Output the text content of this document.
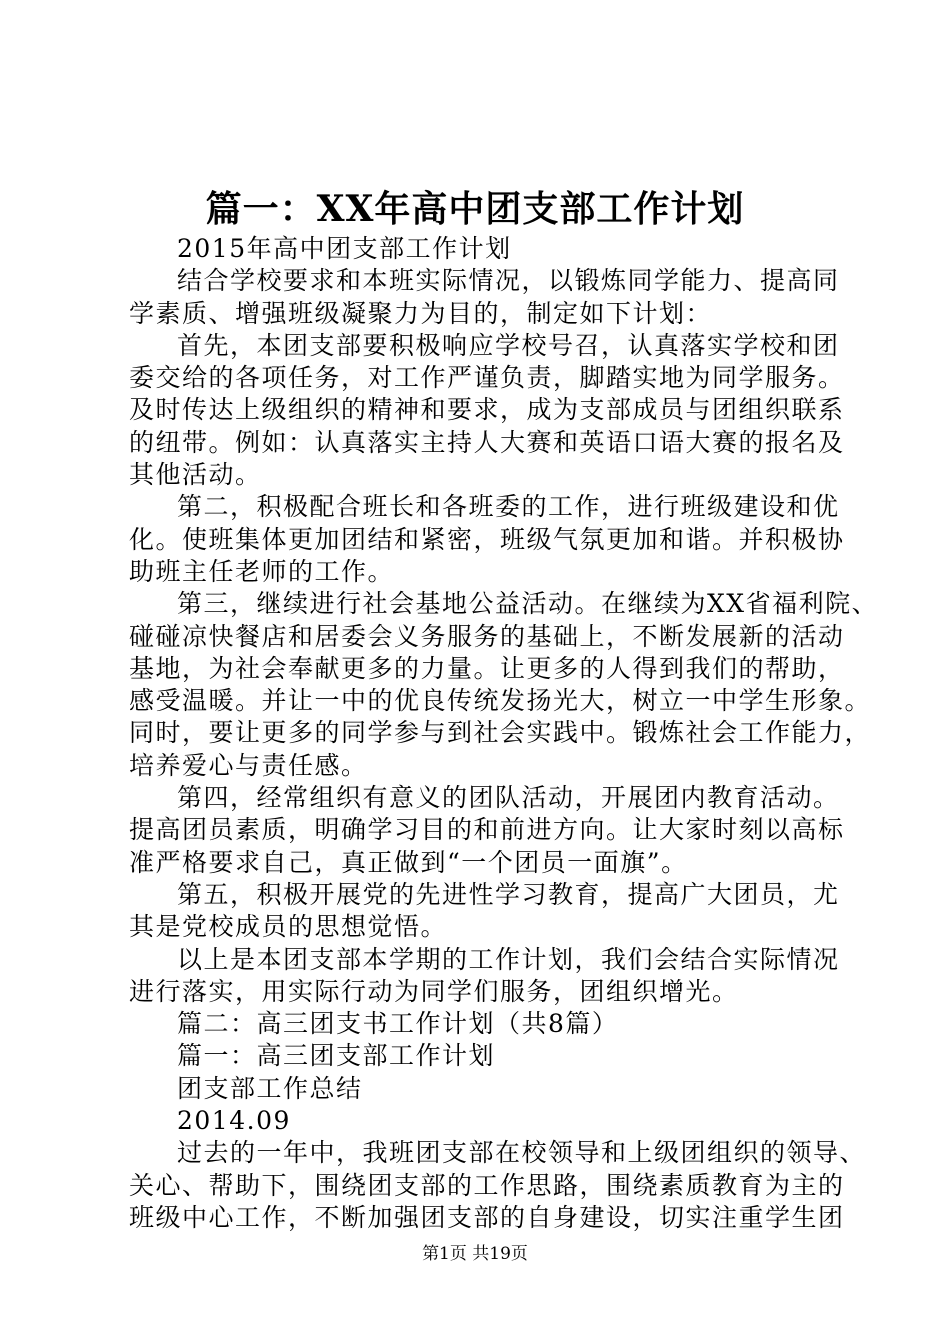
篇一：XX年高中团支部工作计划
2015年高中团支部工作计划
结合学校要求和本班实际情况，以锻炼同学能力、提高同
学素质、增强班级凝聚力为目的，制定如下计划：
首先，本团支部要积极响应学校号召，认真落实学校和团
委交给的各项任务，对工作严谨负责，脚踏实地为同学服务。
及时传达上级组织的精神和要求，成为支部成员与团组织联系
的纽带。例如：认真落实主持人大赛和英语口语大赛的报名及
其他活动。
第二，积极配合班长和各班委的工作，进行班级建设和优
化。使班集体更加团结和紧密，班级气氛更加和谐。并积极协
助班主任老师的工作。
第三，继续进行社会基地公益活动。在继续为XX省福利院、
碰碰凉快餐店和居委会义务服务的基础上，不断发展新的活动
基地，为社会奉献更多的力量。让更多的人得到我们的帮助，
感受温暖。并让一中的优良传统发扬光大，树立一中学生形象。
同时，要让更多的同学参与到社会实践中。锻炼社会工作能力，
培养爱心与责任感。
第四，经常组织有意义的团队活动，开展团内教育活动。
提高团员素质，明确学习目的和前进方向。让大家时刻以高标
准严格要求自己，真正做到“一个团员一面旗”。
第五，积极开展党的先进性学习教育，提高广大团员，尤
其是党校成员的思想觉悟。
以上是本团支部本学期的工作计划，我们会结合实际情况
进行落实，用实际行动为同学们服务，团组织增光。
篇二：高三团支书工作计划（共8篇）
篇一：高三团支部工作计划
团支部工作总结
2014.09
过去的一年中，我班团支部在校领导和上级团组织的领导、
关心、帮助下，围绕团支部的工作思路，围绕素质教育为主的
班级中心工作，不断加强团支部的自身建设，切实注重学生团
第1页 共19页
